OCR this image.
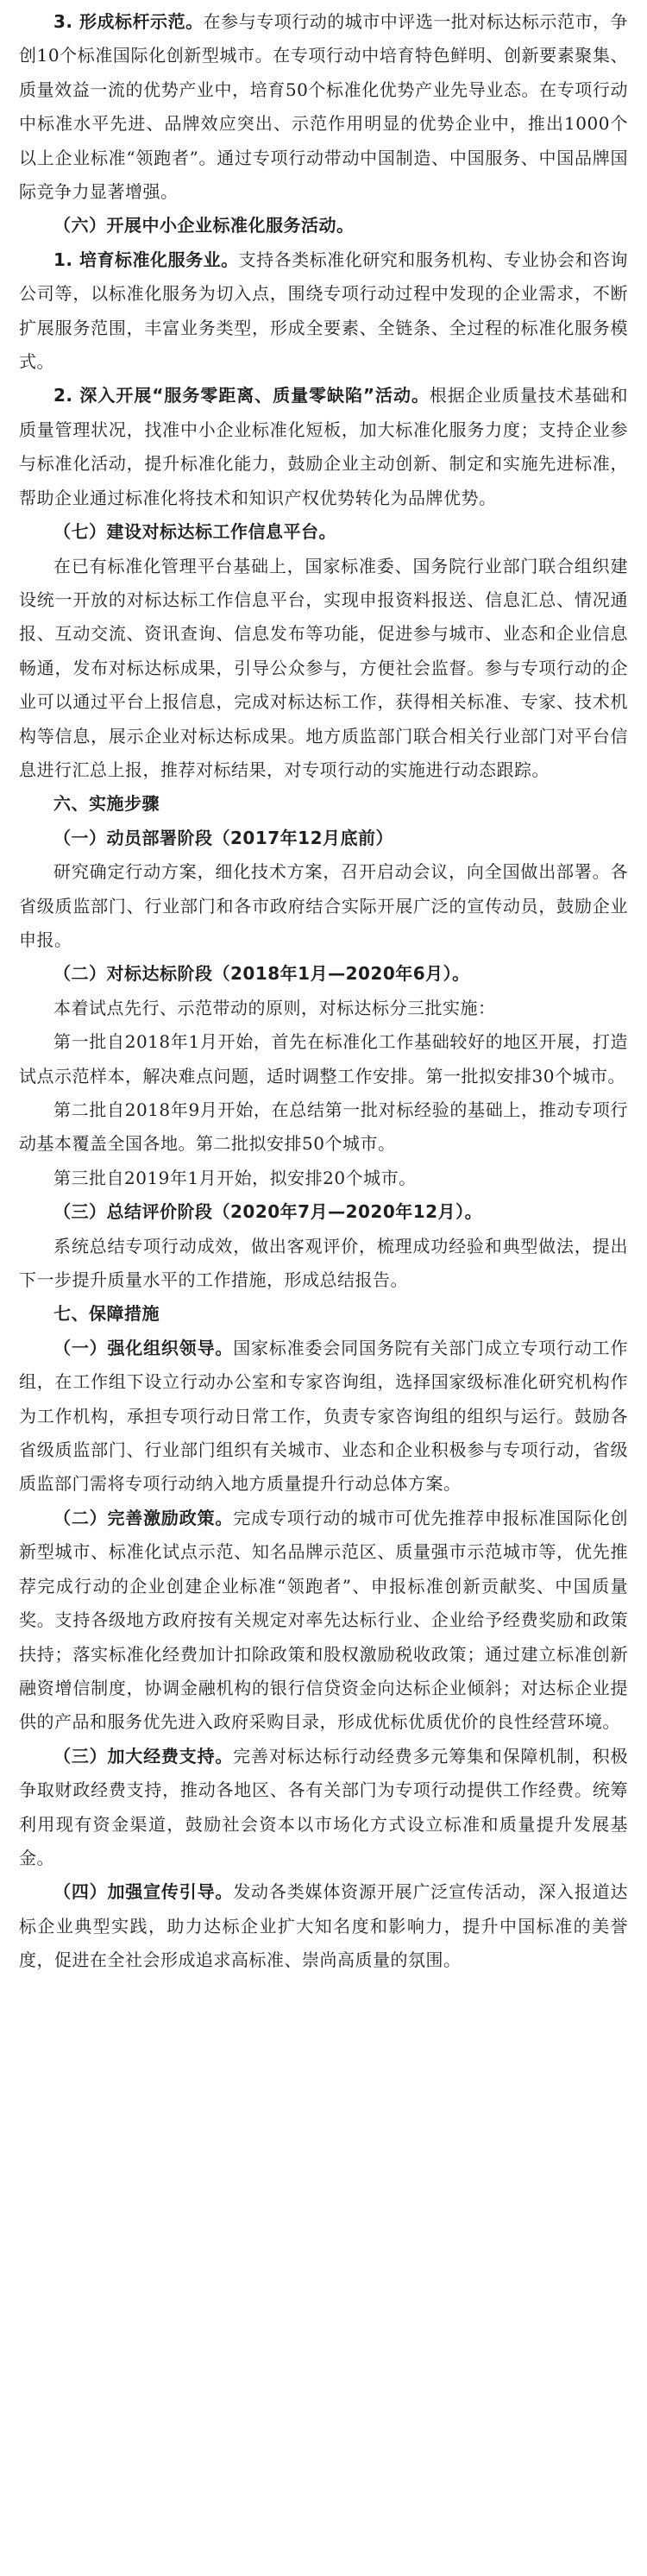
3. 形成标杆示范。在参与专项行动的城市中评选一批对标达标示范市，争创10个标准国际化创新型城市。在专项行动中培育特色鲜明、创新要素聚集、质量效益一流的优势产业中，培育50个标准化优势产业先导业态。在专项行动中标准水平先进、品牌效应突出、示范作用明显的优势企业中，推出1000个以上企业标准“领跑者”。通过专项行动带动中国制造、中国服务、中国品牌国际竞争力显著增强。

（六）开展中小企业标准化服务活动。

1. 培育标准化服务业。支持各类标准化研究和服务机构、专业协会和咨询公司等，以标准化服务为切入点，围绕专项行动过程中发现的企业需求，不断扩展服务范围，丰富业务类型，形成全要素、全链条、全过程的标准化服务模式。

2. 深入开展“服务零距离、质量零缺陷”活动。根据企业质量技术基础和质量管理状况，找准中小企业标准化短板，加大标准化服务力度；支持企业参与标准化活动，提升标准化能力，鼓励企业主动创新、制定和实施先进标准，帮助企业通过标准化将技术和知识产权优势转化为品牌优势。

（七）建设对标达标工作信息平台。

在已有标准化管理平台基础上，国家标准委、国务院行业部门联合组织建设统一开放的对标达标工作信息平台，实现申报资料报送、信息汇总、情况通报、互动交流、资讯查询、信息发布等功能，促进参与城市、业态和企业信息畅通，发布对标达标成果，引导公众参与，方便社会监督。参与专项行动的企业可以通过平台上报信息，完成对标达标工作，获得相关标准、专家、技术机构等信息，展示企业对标达标成果。地方质监部门联合相关行业部门对平台信息进行汇总上报，推荐对标结果，对专项行动的实施进行动态跟踪。

六、实施步骤

（一）动员部署阶段（2017年12月底前）

研究确定行动方案，细化技术方案，召开启动会议，向全国做出部署。各省级质监部门、行业部门和各市政府结合实际开展广泛的宣传动员，鼓励企业申报。

（二）对标达标阶段（2018年1月—2020年6月）。

本着试点先行、示范带动的原则，对标达标分三批实施：

第一批自2018年1月开始，首先在标准化工作基础较好的地区开展，打造试点示范样本，解决难点问题，适时调整工作安排。第一批拟安排30个城市。

第二批自2018年9月开始，在总结第一批对标经验的基础上，推动专项行动基本覆盖全国各地。第二批拟安排50个城市。

第三批自2019年1月开始，拟安排20个城市。

（三）总结评价阶段（2020年7月—2020年12月）。

系统总结专项行动成效，做出客观评价，梳理成功经验和典型做法，提出下一步提升质量水平的工作措施，形成总结报告。

七、保障措施

（一）强化组织领导。国家标准委会同国务院有关部门成立专项行动工作组，在工作组下设立行动办公室和专家咨询组，选择国家级标准化研究机构作为工作机构，承担专项行动日常工作，负责专家咨询组的组织与运行。鼓励各省级质监部门、行业部门组织有关城市、业态和企业积极参与专项行动，省级质监部门需将专项行动纳入地方质量提升行动总体方案。

（二）完善激励政策。完成专项行动的城市可优先推荐申报标准国际化创新型城市、标准化试点示范、知名品牌示范区、质量强市示范城市等，优先推荐完成行动的企业创建企业标准“领跑者”、申报标准创新贡献奖、中国质量奖。支持各级地方政府按有关规定对率先达标行业、企业给予经费奖励和政策扶持；落实标准化经费加计扣除政策和股权激励税收政策；通过建立标准创新融资增信制度，协调金融机构的银行信贷资金向达标企业倾斜；对达标企业提供的产品和服务优先进入政府采购目录，形成优标优质优价的良性经营环境。

（三）加大经费支持。完善对标达标行动经费多元筹集和保障机制，积极争取财政经费支持，推动各地区、各有关部门为专项行动提供工作经费。统筹利用现有资金渠道，鼓励社会资本以市场化方式设立标准和质量提升发展基金。

（四）加强宣传引导。发动各类媒体资源开展广泛宣传活动，深入报道达标企业典型实践，助力达标企业扩大知名度和影响力，提升中国标准的美誉度，促进在全社会形成追求高标准、崇尚高质量的氛围。
